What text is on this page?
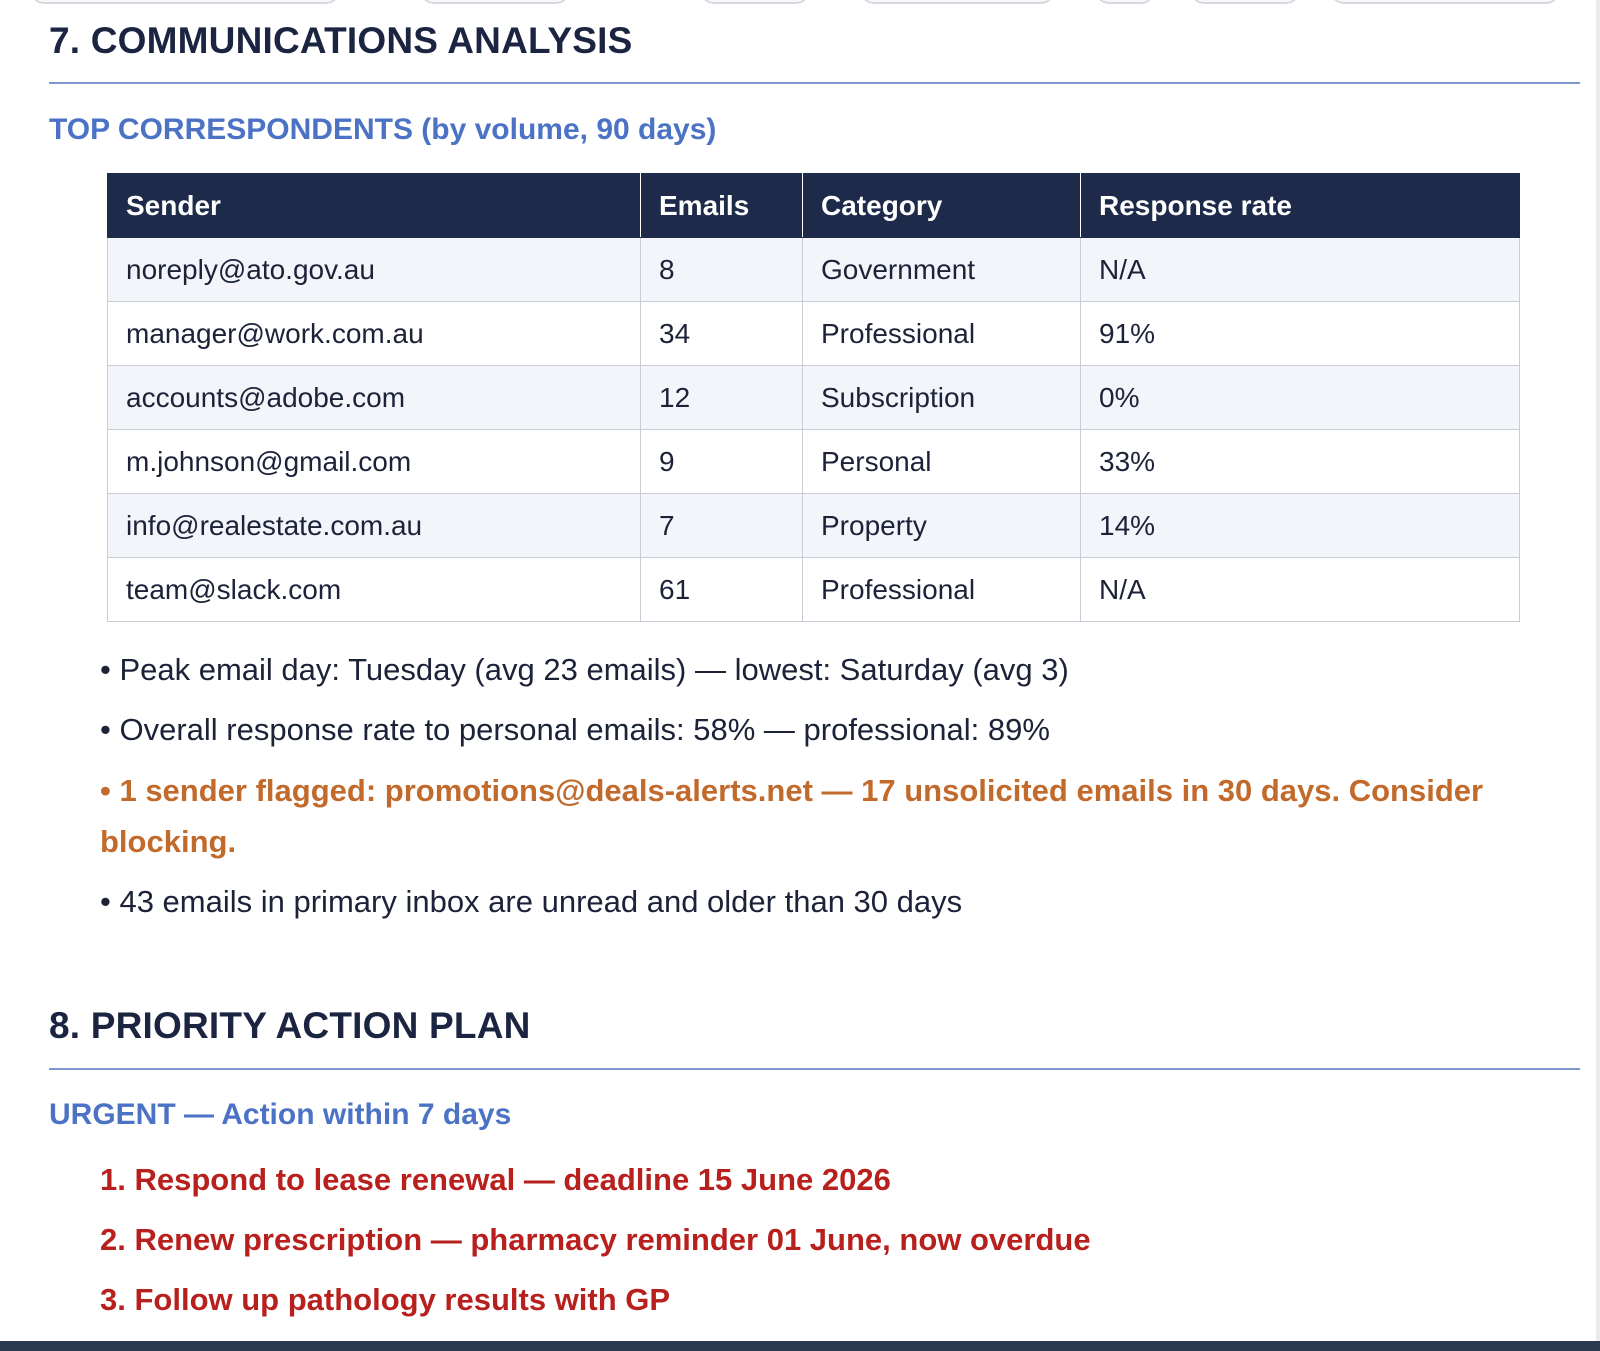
7. COMMUNICATIONS ANALYSIS
TOP CORRESPONDENTS (by volume, 90 days)
Sender	Emails	Category	Response rate
noreply@ato.gov.au	8	Government	N/A
manager@work.com.au	34	Professional	91%
accounts@adobe.com	12	Subscription	0%
m.johnson@gmail.com	9	Personal	33%
info@realestate.com.au	7	Property	14%
team@slack.com	61	Professional	N/A
• Peak email day: Tuesday (avg 23 emails) — lowest: Saturday (avg 3)
• Overall response rate to personal emails: 58% — professional: 89%
• 1 sender flagged: promotions@deals-alerts.net — 17 unsolicited emails in 30 days. Consider blocking.
• 43 emails in primary inbox are unread and older than 30 days
8. PRIORITY ACTION PLAN
URGENT — Action within 7 days
1. Respond to lease renewal — deadline 15 June 2026
2. Renew prescription — pharmacy reminder 01 June, now overdue
3. Follow up pathology results with GP
